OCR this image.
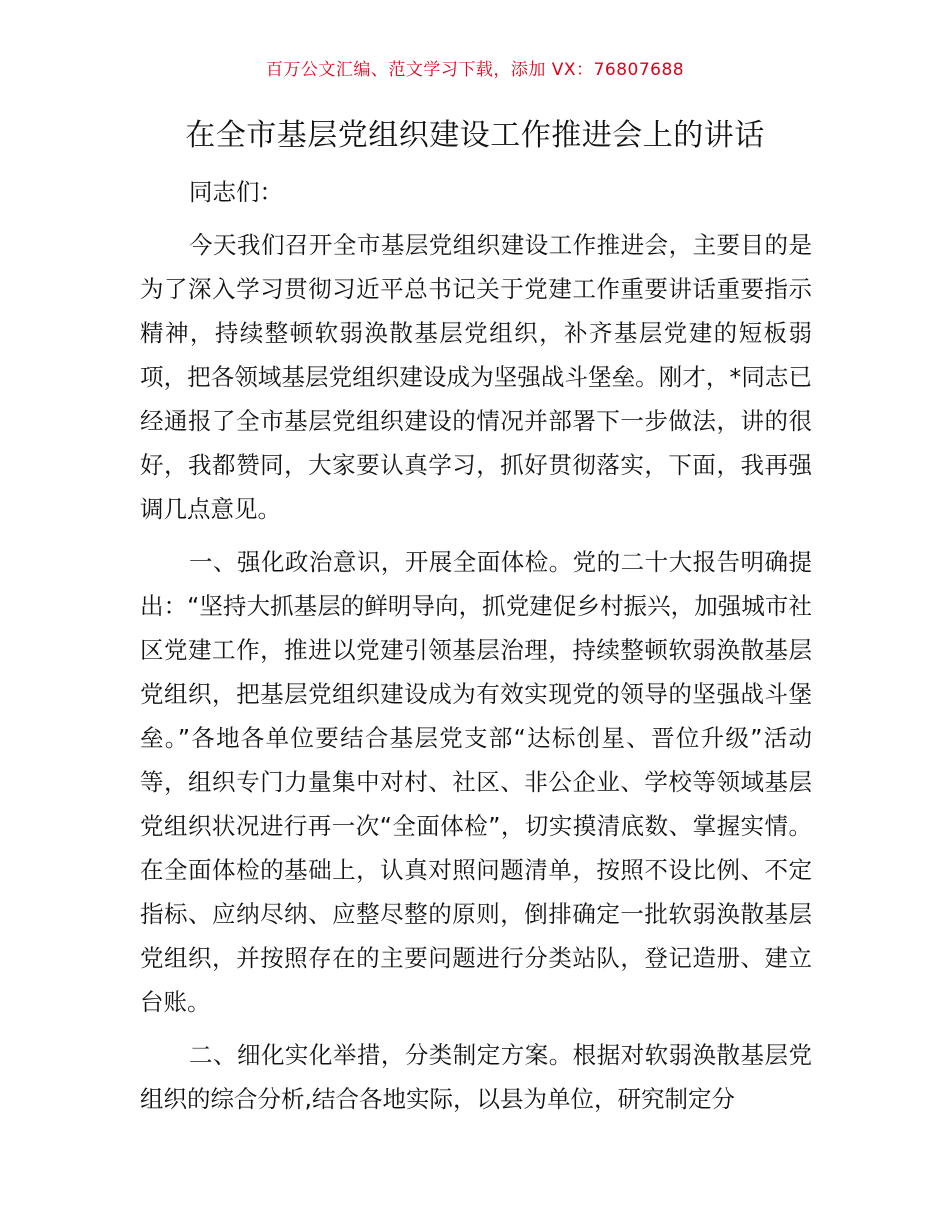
百万公文汇编、范文学习下载，添加 VX：76807688
在全市基层党组织建设工作推进会上的讲话

同志们：

今天我们召开全市基层党组织建设工作推进会，主要目的是为了深入学习贯彻习近平总书记关于党建工作重要讲话重要指示精神，持续整顿软弱涣散基层党组织，补齐基层党建的短板弱项，把各领域基层党组织建设成为坚强战斗堡垒。刚才，*同志已经通报了全市基层党组织建设的情况并部署下一步做法，讲的很好，我都赞同，大家要认真学习，抓好贯彻落实，下面，我再强调几点意见。

一、强化政治意识，开展全面体检。党的二十大报告明确提出：“坚持大抓基层的鲜明导向，抓党建促乡村振兴，加强城市社区党建工作，推进以党建引领基层治理，持续整顿软弱涣散基层党组织，把基层党组织建设成为有效实现党的领导的坚强战斗堡垒。”各地各单位要结合基层党支部“达标创星、晋位升级”活动等，组织专门力量集中对村、社区、非公企业、学校等领域基层党组织状况进行再一次“全面体检”，切实摸清底数、掌握实情。在全面体检的基础上，认真对照问题清单，按照不设比例、不定指标、应纳尽纳、应整尽整的原则，倒排确定一批软弱涣散基层党组织，并按照存在的主要问题进行分类站队，登记造册、建立台账。

二、细化实化举措，分类制定方案。根据对软弱涣散基层党组织的综合分析,结合各地实际，以县为单位，研究制定分
